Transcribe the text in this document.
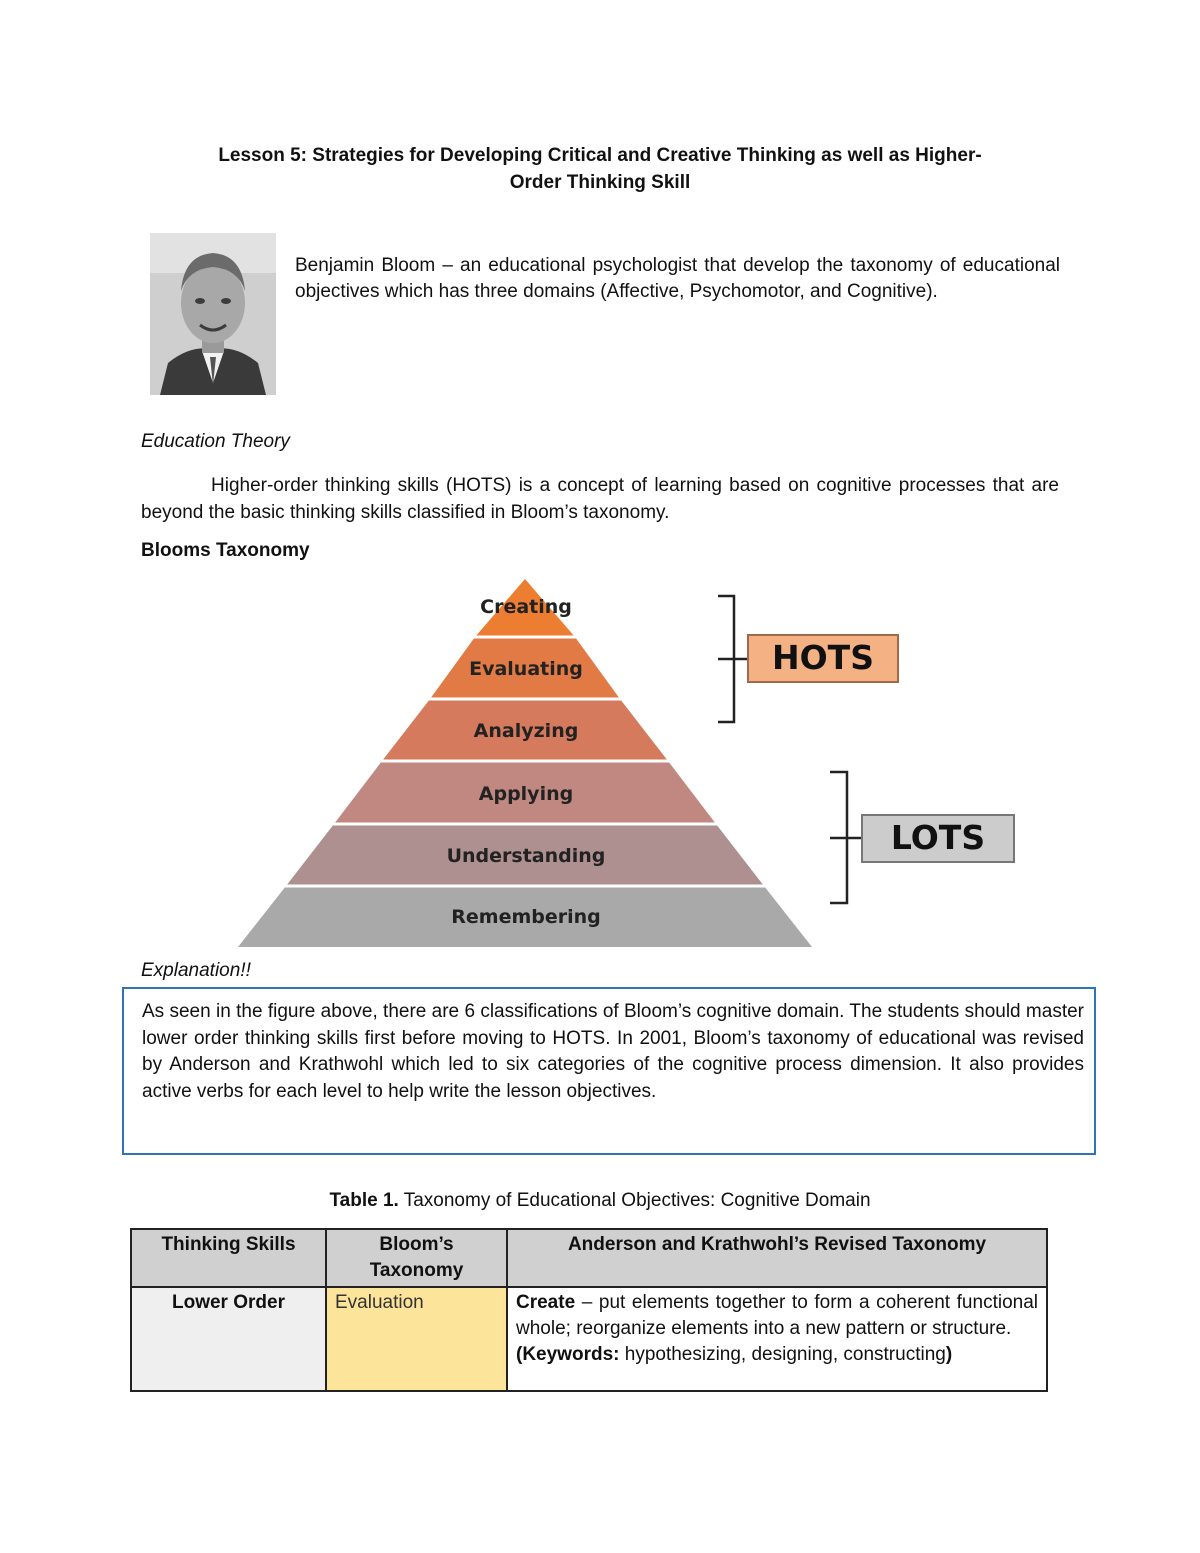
Lesson 5: Strategies for Developing Critical and Creative Thinking as well as Higher-
Order Thinking Skill
Benjamin Bloom – an educational psychologist that develop the taxonomy of educational objectives which has three domains (Affective, Psychomotor, and Cognitive).
Education Theory
Higher-order thinking skills (HOTS) is a concept of learning based on cognitive processes that are beyond the basic thinking skills classified in Bloom’s taxonomy.
Blooms Taxonomy
Creating
Evaluating
Analyzing
Applying
Understanding
Remembering
HOTS
LOTS
Explanation!!
As seen in the figure above, there are 6 classifications of Bloom’s cognitive domain. The students should master lower order thinking skills first before moving to HOTS. In 2001, Bloom’s taxonomy of educational was revised by Anderson and Krathwohl which led to six categories of the cognitive process dimension. It also provides active verbs for each level to help write the lesson objectives.
Table 1. Taxonomy of Educational Objectives: Cognitive Domain
Thinking Skills	Bloom’s Taxonomy	Anderson and Krathwohl’s Revised Taxonomy
Lower Order	Evaluation	Create – put elements together to form a coherent functional whole; reorganize elements into a new pattern or structure.
(Keywords: hypothesizing, designing, constructing)
